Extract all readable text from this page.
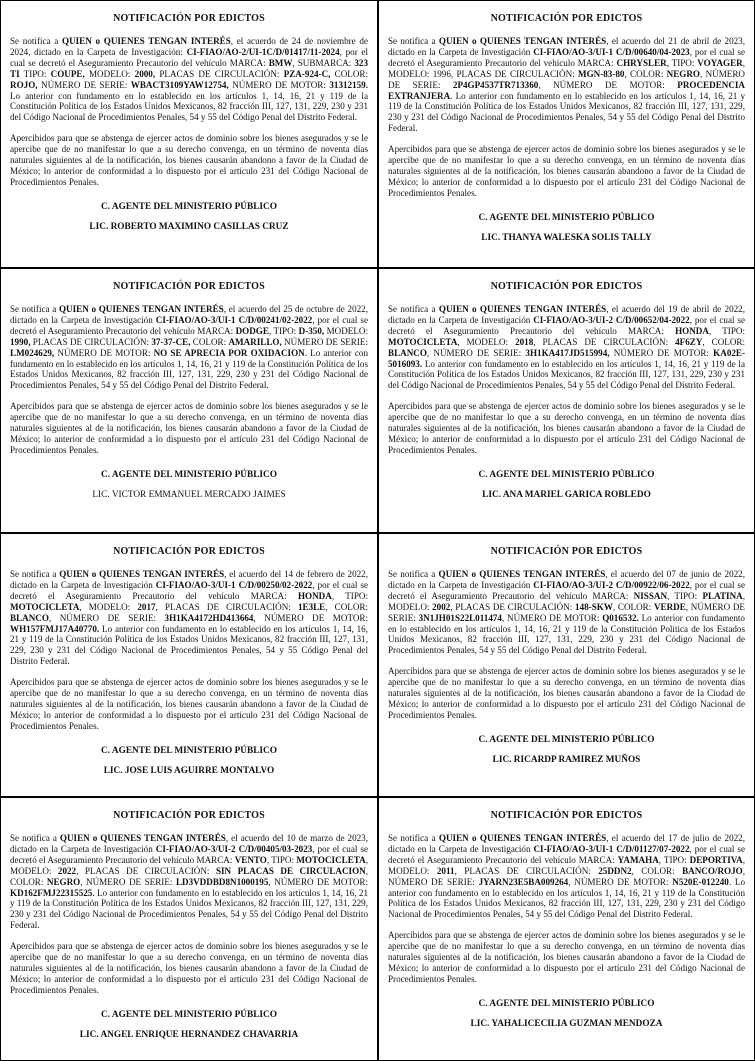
NOTIFICACIÓN POR EDICTOS

Se notifica a QUIEN o QUIENES TENGAN INTERÉS, el acuerdo de 24 de noviembre de 2024, dictado en la Carpeta de Investigación: CI-FIAO/AO-2/UI-1C/D/01417/11-2024, por el cual se decretó el Aseguramiento Precautorio del vehículo MARCA: BMW, SUBMARCA: 323 TI TIPO: COUPE, MODELO: 2000, PLACAS DE CIRCULACIÓN: PZA-924-C, COLOR: ROJO, NÚMERO DE SERIE: WBACT3109YAW12754, NÚMERO DE MOTOR: 31312159. Lo anterior con fundamento en lo establecido en los artículos 1, 14, 16, 21 y 119 de la Constitución Política de los Estados Unidos Mexicanos, 82 fracción III, 127, 131, 229, 230 y 231 del Código Nacional de Procedimientos Penales, 54 y 55 del Código Penal del Distrito Federal.

Apercibidos para que se abstenga de ejercer actos de dominio sobre los bienes asegurados y se le apercibe que de no manifestar lo que a su derecho convenga, en un término de noventa días naturales siguientes al de la notificación, los bienes causarán abandono a favor de la Ciudad de México; lo anterior de conformidad a lo dispuesto por el artículo 231 del Código Nacional de Procedimientos Penales.

C. AGENTE DEL MINISTERIO PÚBLICO
LIC. ROBERTO MAXIMINO CASILLAS CRUZ
NOTIFICACIÓN POR EDICTOS

Se notifica a QUIEN o QUIENES TENGAN INTERÉS, el acuerdo del 21 de abril de 2023, dictado en la Carpeta de Investigación CI-FIAO/AO-3/UI-1 C/D/00640/04-2023, por el cual se decretó el Aseguramiento Precautorio del vehículo MARCA: CHRYSLER, TIPO: VOYAGER, MODELO: 1996, PLACAS DE CIRCULACIÓN: MGN-83-80, COLOR: NEGRO, NÚMERO DE SERIE: 2P4GP4537TR713360, NÚMERO DE MOTOR: PROCEDENCIA EXTRANJERA. Lo anterior con fundamento en lo establecido en los artículos 1, 14, 16, 21 y 119 de la Constitución Política de los Estados Unidos Mexicanos, 82 fracción III, 127, 131, 229, 230 y 231 del Código Nacional de Procedimientos Penales, 54 y 55 del Código Penal del Distrito Federal.

Apercibidos para que se abstenga de ejercer actos de dominio sobre los bienes asegurados y se le apercibe que de no manifestar lo que a su derecho convenga, en un término de noventa días naturales siguientes al de la notificación, los bienes causarán abandono a favor de la Ciudad de México; lo anterior de conformidad a lo dispuesto por el artículo 231 del Código Nacional de Procedimientos Penales.

C. AGENTE DEL MINISTERIO PÚBLICO
LIC. THANYA WALESKA SOLIS TALLY
NOTIFICACIÓN POR EDICTOS

Se notifica a QUIEN o QUIENES TENGAN INTERÉS, el acuerdo del 25 de octubre de 2022, dictado en la Carpeta de Investigación CI-FIAO/AO-3/UI-1 C/D/00241/02-2022, por el cual se decretó el Aseguramiento Precautorio del vehículo MARCA: DODGE, TIPO: D-350, MODELO: 1990, PLACAS DE CIRCULACIÓN: 37-37-CE, COLOR: AMARILLO, NÚMERO DE SERIE: LM024629, NÚMERO DE MOTOR: NO SE APRECIA POR OXIDACION. Lo anterior con fundamento en lo establecido en los artículos 1, 14, 16, 21 y 119 de la Constitución Política de los Estados Unidos Mexicanos, 82 fracción III, 127, 131, 229, 230 y 231 del Código Nacional de Procedimientos Penales, 54 y 55 del Código Penal del Distrito Federal.

Apercibidos para que se abstenga de ejercer actos de dominio sobre los bienes asegurados y se le apercibe que de no manifestar lo que a su derecho convenga, en un término de noventa días naturales siguientes al de la notificación, los bienes causarán abandono a favor de la Ciudad de México; lo anterior de conformidad a lo dispuesto por el artículo 231 del Código Nacional de Procedimientos Penales.

C. AGENTE DEL MINISTERIO PÚBLICO
LIC. VICTOR EMMANUEL MERCADO JAIMES
NOTIFICACIÓN POR EDICTOS

Se notifica a QUIEN o QUIENES TENGAN INTERÉS, el acuerdo del 19 de abril de 2022, dictado en la Carpeta de Investigación CI-FIAO/AO-3/UI-2 C/D/00652/04-2022, por el cual se decretó el Aseguramiento Precautorio del vehículo MARCA: HONDA, TIPO: MOTOCICLETA, MODELO: 2018, PLACAS DE CIRCULACIÓN: 4F6ZY, COLOR: BLANCO, NÚMERO DE SERIE: 3H1KA417JD515994, NÚMERO DE MOTOR: KA02E-5016093. Lo anterior con fundamento en lo establecido en los artículos 1, 14, 16, 21 y 119 de la Constitución Política de los Estados Unidos Mexicanos, 82 fracción III, 127, 131, 229, 230 y 231 del Código Nacional de Procedimientos Penales, 54 y 55 del Código Penal del Distrito Federal.

Apercibidos para que se abstenga de ejercer actos de dominio sobre los bienes asegurados y se le apercibe que de no manifestar lo que a su derecho convenga, en un término de noventa días naturales siguientes al de la notificación, los bienes causarán abandono a favor de la Ciudad de México; lo anterior de conformidad a lo dispuesto por el artículo 231 del Código Nacional de Procedimientos Penales.

C. AGENTE DEL MINISTERIO PÚBLICO
LIC. ANA MARIEL GARICA ROBLEDO
NOTIFICACIÓN POR EDICTOS

Se notifica a QUIEN o QUIENES TENGAN INTERÉS, el acuerdo del 14 de febrero de 2022, dictado en la Carpeta de Investigación CI-FIAO/AO-3/UI-1 C/D/00250/02-2022, por el cual se decretó el Aseguramiento Precautorio del vehículo MARCA: HONDA, TIPO: MOTOCICLETA, MODELO: 2017, PLACAS DE CIRCULACIÓN: 1E3LE, COLOR: BLANCO, NÚMERO DE SERIE: 3H1KA4172HD413664, NÚMERO DE MOTOR: WH157FMJ17A40770. Lo anterior con fundamento en lo establecido en los artículos 1, 14, 16, 21 y 119 de la Constitución Política de los Estados Unidos Mexicanos, 82 fracción III, 127, 131, 229, 230 y 231 del Código Nacional de Procedimientos Penales, 54 y 55 Código Penal del Distrito Federal.

Apercibidos para que se abstenga de ejercer actos de dominio sobre los bienes asegurados y se le apercibe que de no manifestar lo que a su derecho convenga, en un término de noventa días naturales siguientes al de la notificación, los bienes causarán abandono a favor de la Ciudad de México; lo anterior de conformidad a lo dispuesto por el artículo 231 del Código Nacional de Procedimientos Penales.

C. AGENTE DEL MINISTERIO PÚBLICO
LIC. JOSE LUIS AGUIRRE MONTALVO
NOTIFICACIÓN POR EDICTOS

Se notifica a QUIEN o QUIENES TENGAN INTERÉS, el acuerdo del 07 de junio de 2022, dictado en la Carpeta de Investigación CI-FIAO/AO-3/UI-2 C/D/00922/06-2022, por el cual se decretó el Aseguramiento Precautorio del vehículo MARCA: NISSAN, TIPO: PLATINA, MODELO: 2002, PLACAS DE CIRCULACIÓN: 148-SKW, COLOR: VERDE, NÚMERO DE SERIE: 3N1JH01S22L011474, NÚMERO DE MOTOR: Q016532. Lo anterior con fundamento en lo establecido en los artículos 1, 14, 16, 21 y 119 de la Constitución Política de los Estados Unidos Mexicanos, 82 fracción III, 127, 131, 229, 230 y 231 del Código Nacional de Procedimientos Penales, 54 y 55 del Código Penal del Distrito Federal.

Apercibidos para que se abstenga de ejercer actos de dominio sobre los bienes asegurados y se le apercibe que de no manifestar lo que a su derecho convenga, en un término de noventa días naturales siguientes al de la notificación, los bienes causarán abandono a favor de la Ciudad de México; lo anterior de conformidad a lo dispuesto por el artículo 231 del Código Nacional de Procedimientos Penales.

C. AGENTE DEL MINISTERIO PÚBLICO
LIC. RICARDP RAMIREZ MUÑOS
NOTIFICACIÓN POR EDICTOS

Se notifica a QUIEN o QUIENES TENGAN INTERÉS, el acuerdo del 10 de marzo de 2023, dictado en la Carpeta de Investigación CI-FIAO/AO-3/UI-2 C/D/00405/03-2023, por el cual se decretó el Aseguramiento Precautorio del vehículo MARCA: VENTO, TIPO: MOTOCICLETA, MODELO: 2022, PLACAS DE CIRCULACIÓN: SIN PLACAS DE CIRCULACION, COLOR: NEGRO, NÚMERO DE SERIE: LD3VDDBD8N1000195, NÚMERO DE MOTOR: KD162FMJ22315525. Lo anterior con fundamento en lo establecido en los artículos 1, 14, 16, 21 y 119 de la Constitución Política de los Estados Unidos Mexicanos, 82 fracción III, 127, 131, 229, 230 y 231 del Código Nacional de Procedimientos Penales, 54 y 55 del Código Penal del Distrito Federal.

Apercibidos para que se abstenga de ejercer actos de dominio sobre los bienes asegurados y se le apercibe que de no manifestar lo que a su derecho convenga, en un término de noventa días naturales siguientes al de la notificación, los bienes causarán abandono a favor de la Ciudad de México; lo anterior de conformidad a lo dispuesto por el artículo 231 del Código Nacional de Procedimientos Penales.

C. AGENTE DEL MINISTERIO PÚBLICO
LIC. ANGEL ENRIQUE HERNANDEZ CHAVARRIA
NOTIFICACIÓN POR EDICTOS

Se notifica a QUIEN o QUIENES TENGAN INTERÉS, el acuerdo del 17 de julio de 2022, dictado en la Carpeta de Investigación CI-FIAO/AO-3/UI-1 C/D/01127/07-2022, por el cual se decretó el Aseguramiento Precautorio del vehículo MARCA: YAMAHA, TIPO: DEPORTIVA, MODELO: 2011, PLACAS DE CIRCULACIÓN: 25DDN2, COLOR: BANCO/ROJO, NÚMERO DE SERIE: JYARN23E5BA009264, NÚMERO DE MOTOR: N520E-012240. Lo anterior con fundamento en lo establecido en los artículos 1, 14, 16, 21 y 119 de la Constitución Política de los Estados Unidos Mexicanos, 82 fracción III, 127, 131, 229, 230 y 231 del Código Nacional de Procedimientos Penales, 54 y 55 del Código Penal del Distrito Federal.

Apercibidos para que se abstenga de ejercer actos de dominio sobre los bienes asegurados y se le apercibe que de no manifestar lo que a su derecho convenga, en un término de noventa días naturales siguientes al de la notificación, los bienes causarán abandono a favor de la Ciudad de México; lo anterior de conformidad a lo dispuesto por el artículo 231 del Código Nacional de Procedimientos Penales.

C. AGENTE DEL MINISTERIO PÚBLICO
LIC. YAHALICECILIA GUZMAN MENDOZA
